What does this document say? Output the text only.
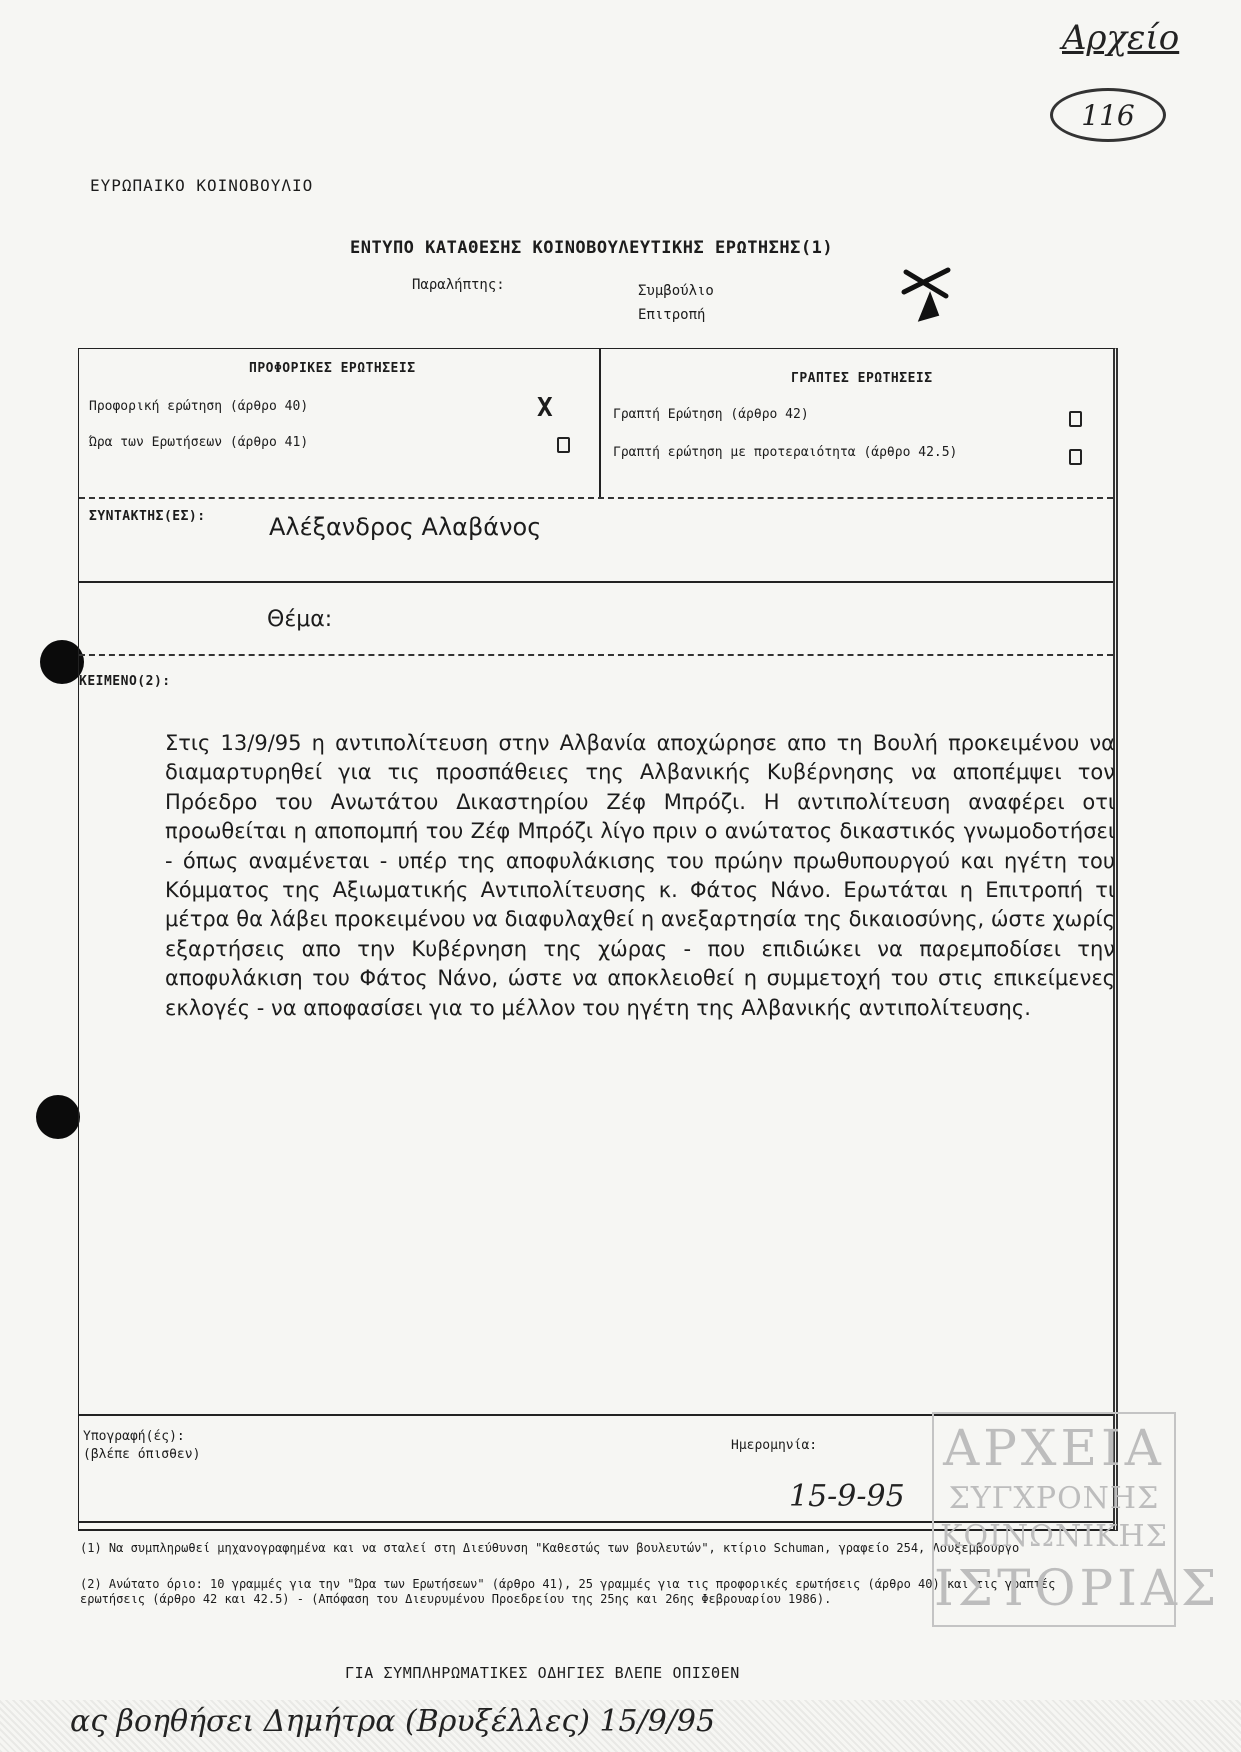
Αρχείο
116
ΕΥΡΩΠΑΙΚΟ ΚΟΙΝΟΒΟΥΛΙΟ
ΕΝΤΥΠΟ ΚΑΤΑΘΕΣΗΣ ΚΟΙΝΟΒΟΥΛΕΥΤΙΚΗΣ ΕΡΩΤΗΣΗΣ(1)
Παραλήπτης:	Συμβούλιο
Επιτροπή
ΠΡΟΦΟΡΙΚΕΣ ΕΡΩΤΗΣΕΙΣ
Προφορική ερώτηση (άρθρο 40)	X
Ώρα των Ερωτήσεων (άρθρο 41)
ΓΡΑΠΤΕΣ ΕΡΩΤΗΣΕΙΣ
Γραπτή Ερώτηση (άρθρο 42)
Γραπτή ερώτηση με προτεραιότητα (άρθρο 42.5)
ΣΥΝΤΑΚΤΗΣ(ΕΣ):	Αλέξανδρος Αλαβάνος
Θέμα:
ΚΕΙΜΕΝΟ(2):
Στις 13/9/95 η αντιπολίτευση στην Αλβανία αποχώρησε απο τη Βουλή προκειμένου να διαμαρτυρηθεί για τις προσπάθειες της Αλβανικής Κυβέρνησης να αποπέμψει τον Πρόεδρο του Ανωτάτου Δικαστηρίου Ζέφ Μπρόζι. Η αντιπολίτευση αναφέρει οτι προωθείται η αποπομπή του Ζέφ Μπρόζι λίγο πριν ο ανώτατος δικαστικός γνωμοδοτήσει - όπως αναμένεται - υπέρ της αποφυλάκισης του πρώην πρωθυπουργού και ηγέτη του Κόμματος της Αξιωματικής Αντιπολίτευσης κ. Φάτος Νάνο. Ερωτάται η Επιτροπή τι μέτρα θα λάβει προκειμένου να διαφυλαχθεί η ανεξαρτησία της δικαιοσύνης, ώστε χωρίς εξαρτήσεις απο την Κυβέρνηση της χώρας - που επιδιώκει να παρεμποδίσει την αποφυλάκιση του Φάτος Νάνο, ώστε να αποκλειοθεί η συμμετοχή του στις επικείμενες εκλογές - να αποφασίσει για το μέλλον του ηγέτη της Αλβανικής αντιπολίτευσης.
Υπογραφή(ές):
(βλέπε όπισθεν)
Ημερομηνία:
15-9-95
(1) Να συμπληρωθεί μηχανογραφημένα και να σταλεί στη Διεύθυνση "Καθεστώς των βουλευτών", κτίριο Schuman, γραφείο 254, Λουξεμβούργο
(2) Ανώτατο όριο: 10 γραμμές για την "Ώρα των Ερωτήσεων" (άρθρο 41), 25 γραμμές για τις προφορικές ερωτήσεις (άρθρο 40) και τις γραπτές ερωτήσεις (άρθρο 42 και 42.5) - (Απόφαση του Διευρυμένου Προεδρείου της 25ης και 26ης Φεβρουαρίου 1986).
ΓΙΑ ΣΥΜΠΛΗΡΩΜΑΤΙΚΕΣ ΟΔΗΓΙΕΣ ΒΛΕΠΕ ΟΠΙΣΘΕΝ
ΑΡΧΕΙΑ
ΣΥΓΧΡΟΝΗΣ
ΚΟΙΝΩΝΙΚΗΣ
ΙΣΤΟΡΙΑΣ
ας βοηθήσει Δημήτρα (Βρυξέλλες) 15/9/95
